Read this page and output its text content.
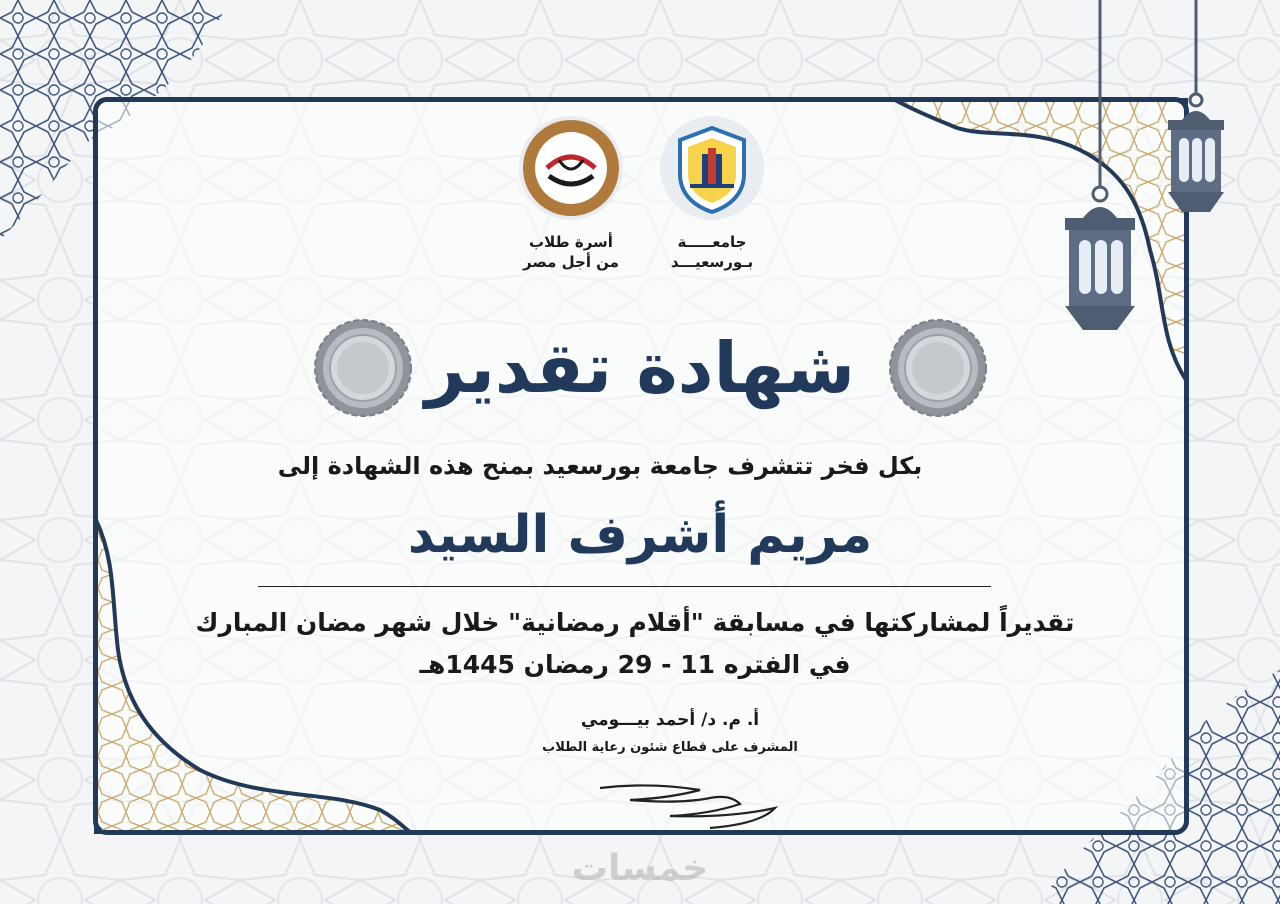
جامعـــــة
بـورسعيـــد
أسرة طلاب
من أجل مصر
شهادة تقدير
بكل فخر تتشرف جامعة بورسعيد بمنح هذه الشهادة إلى
مريم أشرف السيد
تقديراً لمشاركتها في مسابقة "أقلام رمضانية" خلال شهر مضان المبارك
في الفتره 11 - 29 رمضان 1445هـ
أ. م. د/ أحمد بيـــومي
المشرف على قطاع شئون رعاية الطلاب
خمسات
